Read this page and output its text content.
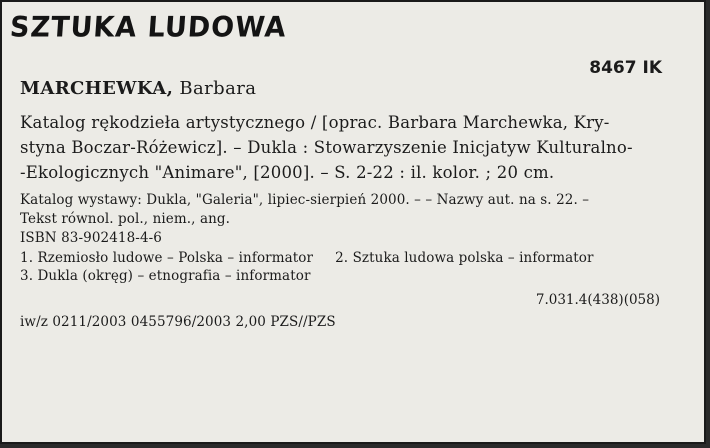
SZTUKA LUDOWA
8467 IK
MARCHEWKA, Barbara
Katalog rękodzieła artystycznego / [oprac. Barbara Marchewka, Kry-
styna Boczar-Różewicz]. – Dukla : Stowarzyszenie Inicjatyw Kulturalno-
-Ekologicznych "Animare", [2000]. – S. 2-22 : il. kolor. ; 20 cm.
Katalog wystawy: Dukla, "Galeria", lipiec-sierpień 2000. – – Nazwy aut. na s. 22. –
Tekst równol. pol., niem., ang.
ISBN 83-902418-4-6
1. Rzemiosło ludowe – Polska – informator 2. Sztuka ludowa polska – informator
3. Dukla (okręg) – etnografia – informator
7.031.4(438)(058)
iw/z 0211/2003 0455796/2003 2,00 PZS//PZS
